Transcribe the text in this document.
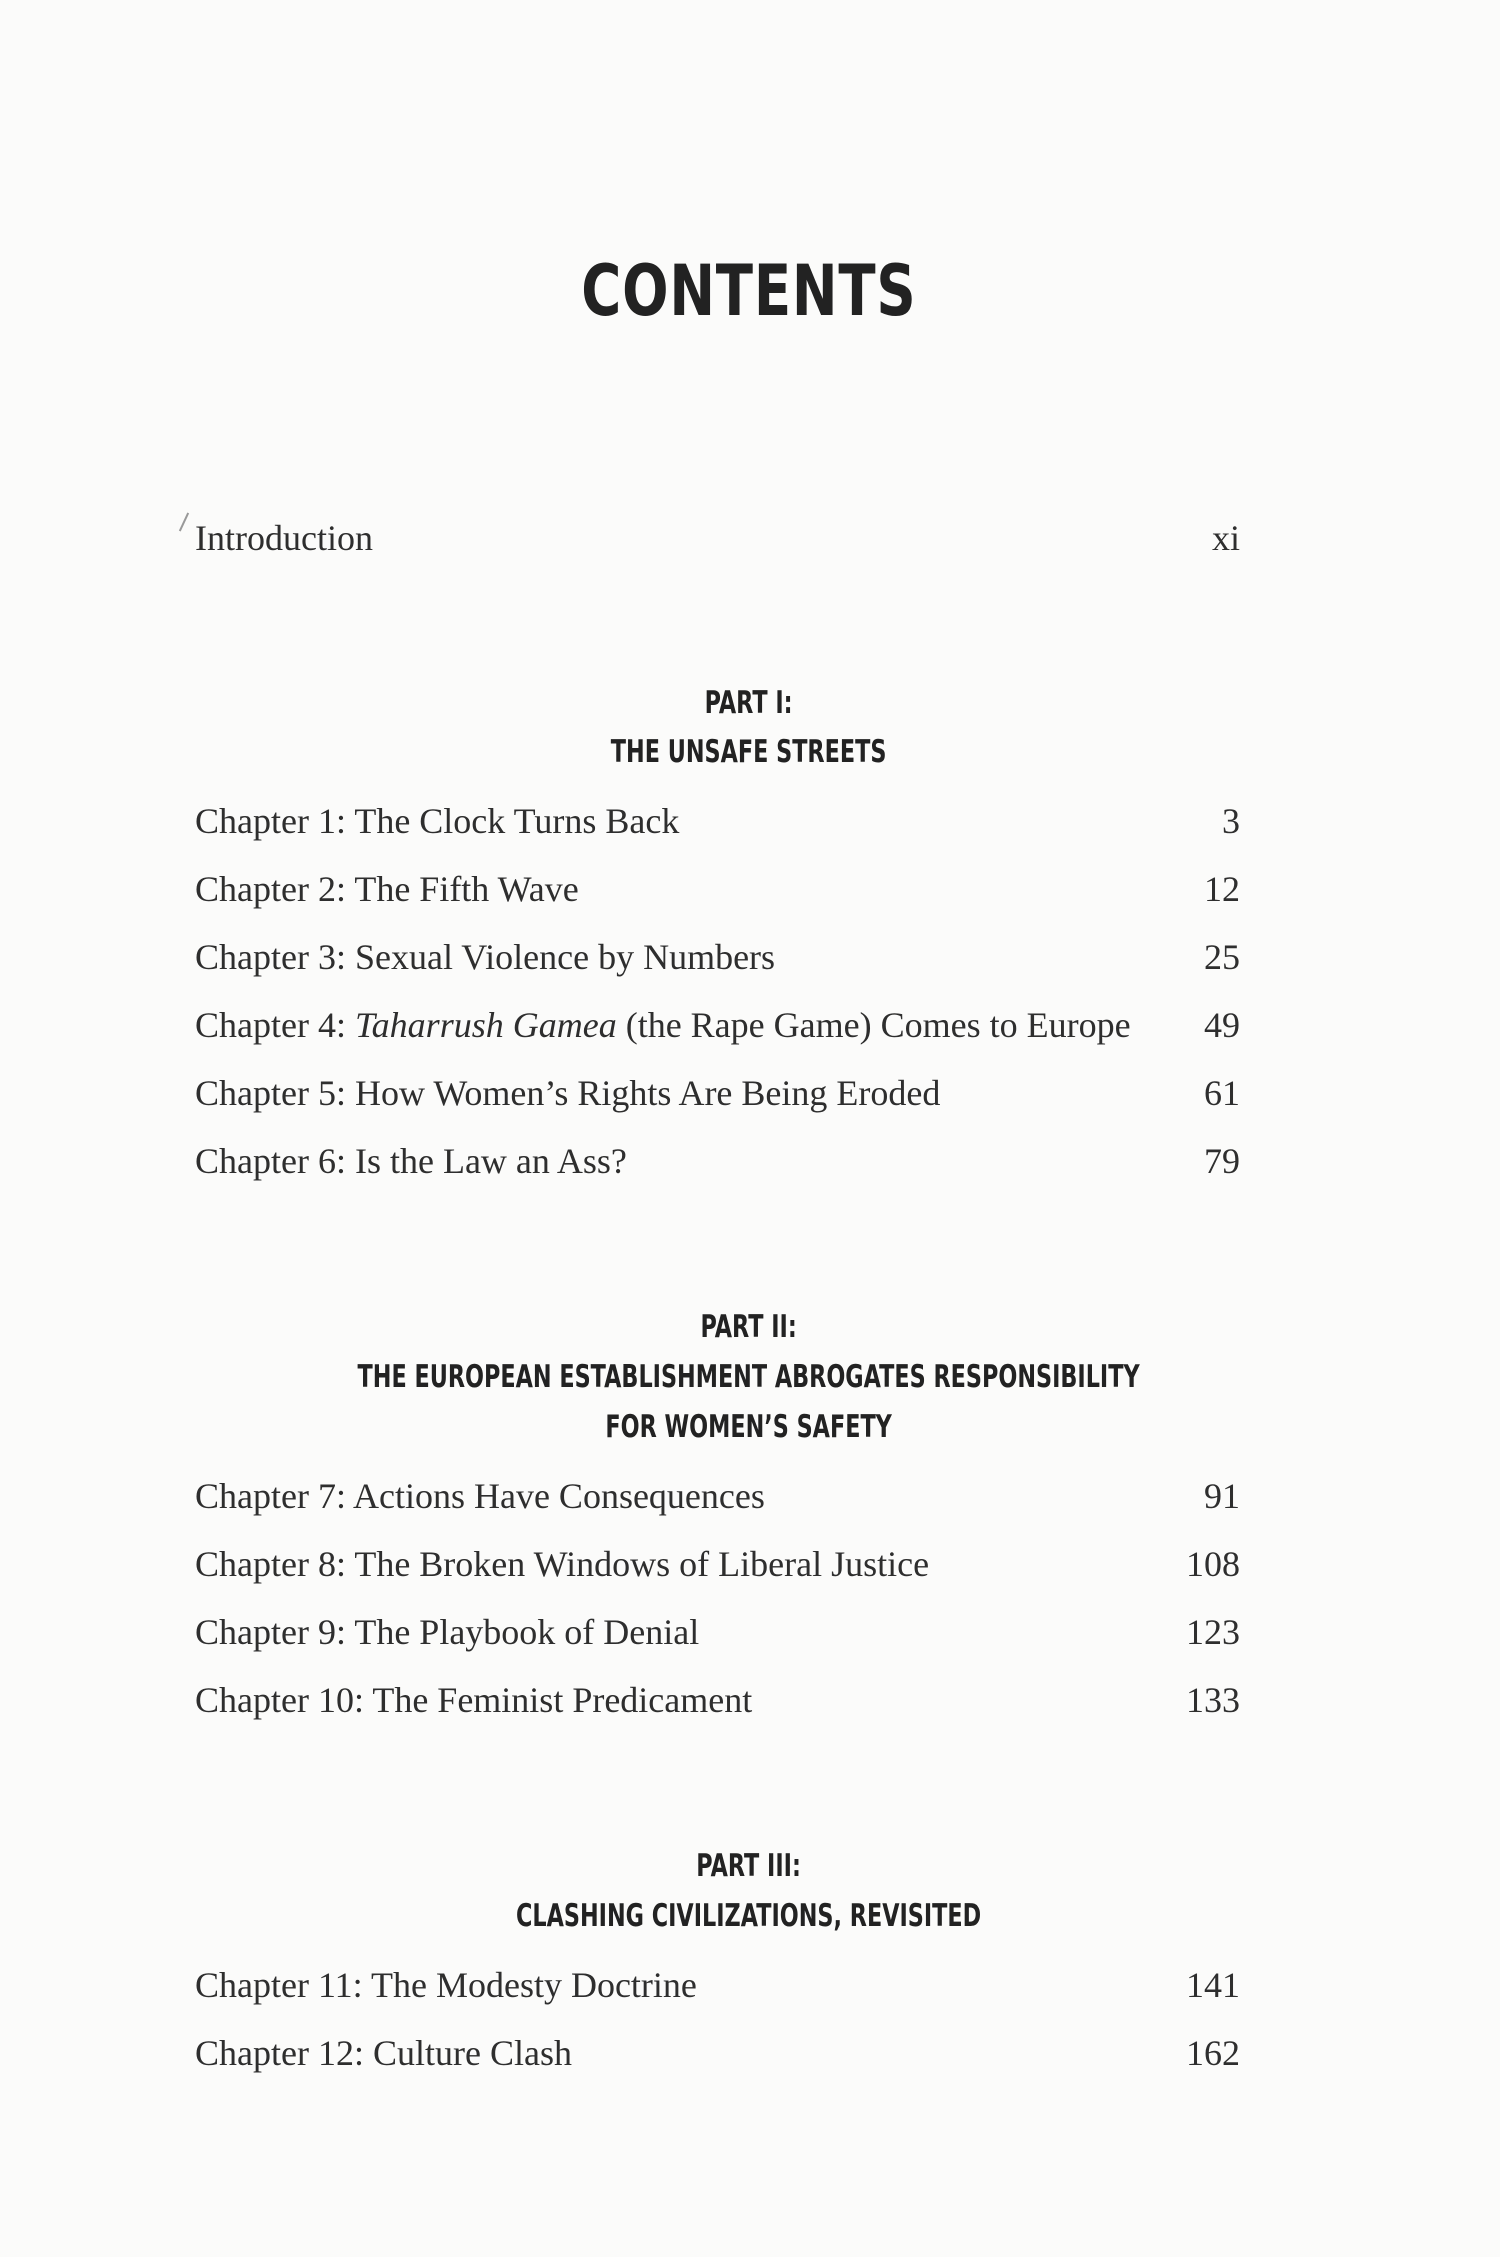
CONTENTS
Introduction	xi
PART I:
THE UNSAFE STREETS
Chapter 1: The Clock Turns Back	3
Chapter 2: The Fifth Wave	12
Chapter 3: Sexual Violence by Numbers	25
Chapter 4: Taharrush Gamea (the Rape Game) Comes to Europe 49
Chapter 5: How Women’s Rights Are Being Eroded	61
Chapter 6: Is the Law an Ass?	79
PART II:
THE EUROPEAN ESTABLISHMENT ABROGATES RESPONSIBILITY
FOR WOMEN’S SAFETY
Chapter 7: Actions Have Consequences	91
Chapter 8: The Broken Windows of Liberal Justice	108
Chapter 9: The Playbook of Denial	123
Chapter 10: The Feminist Predicament	133
PART III:
CLASHING CIVILIZATIONS, REVISITED
Chapter 11: The Modesty Doctrine	141
Chapter 12: Culture Clash	162
